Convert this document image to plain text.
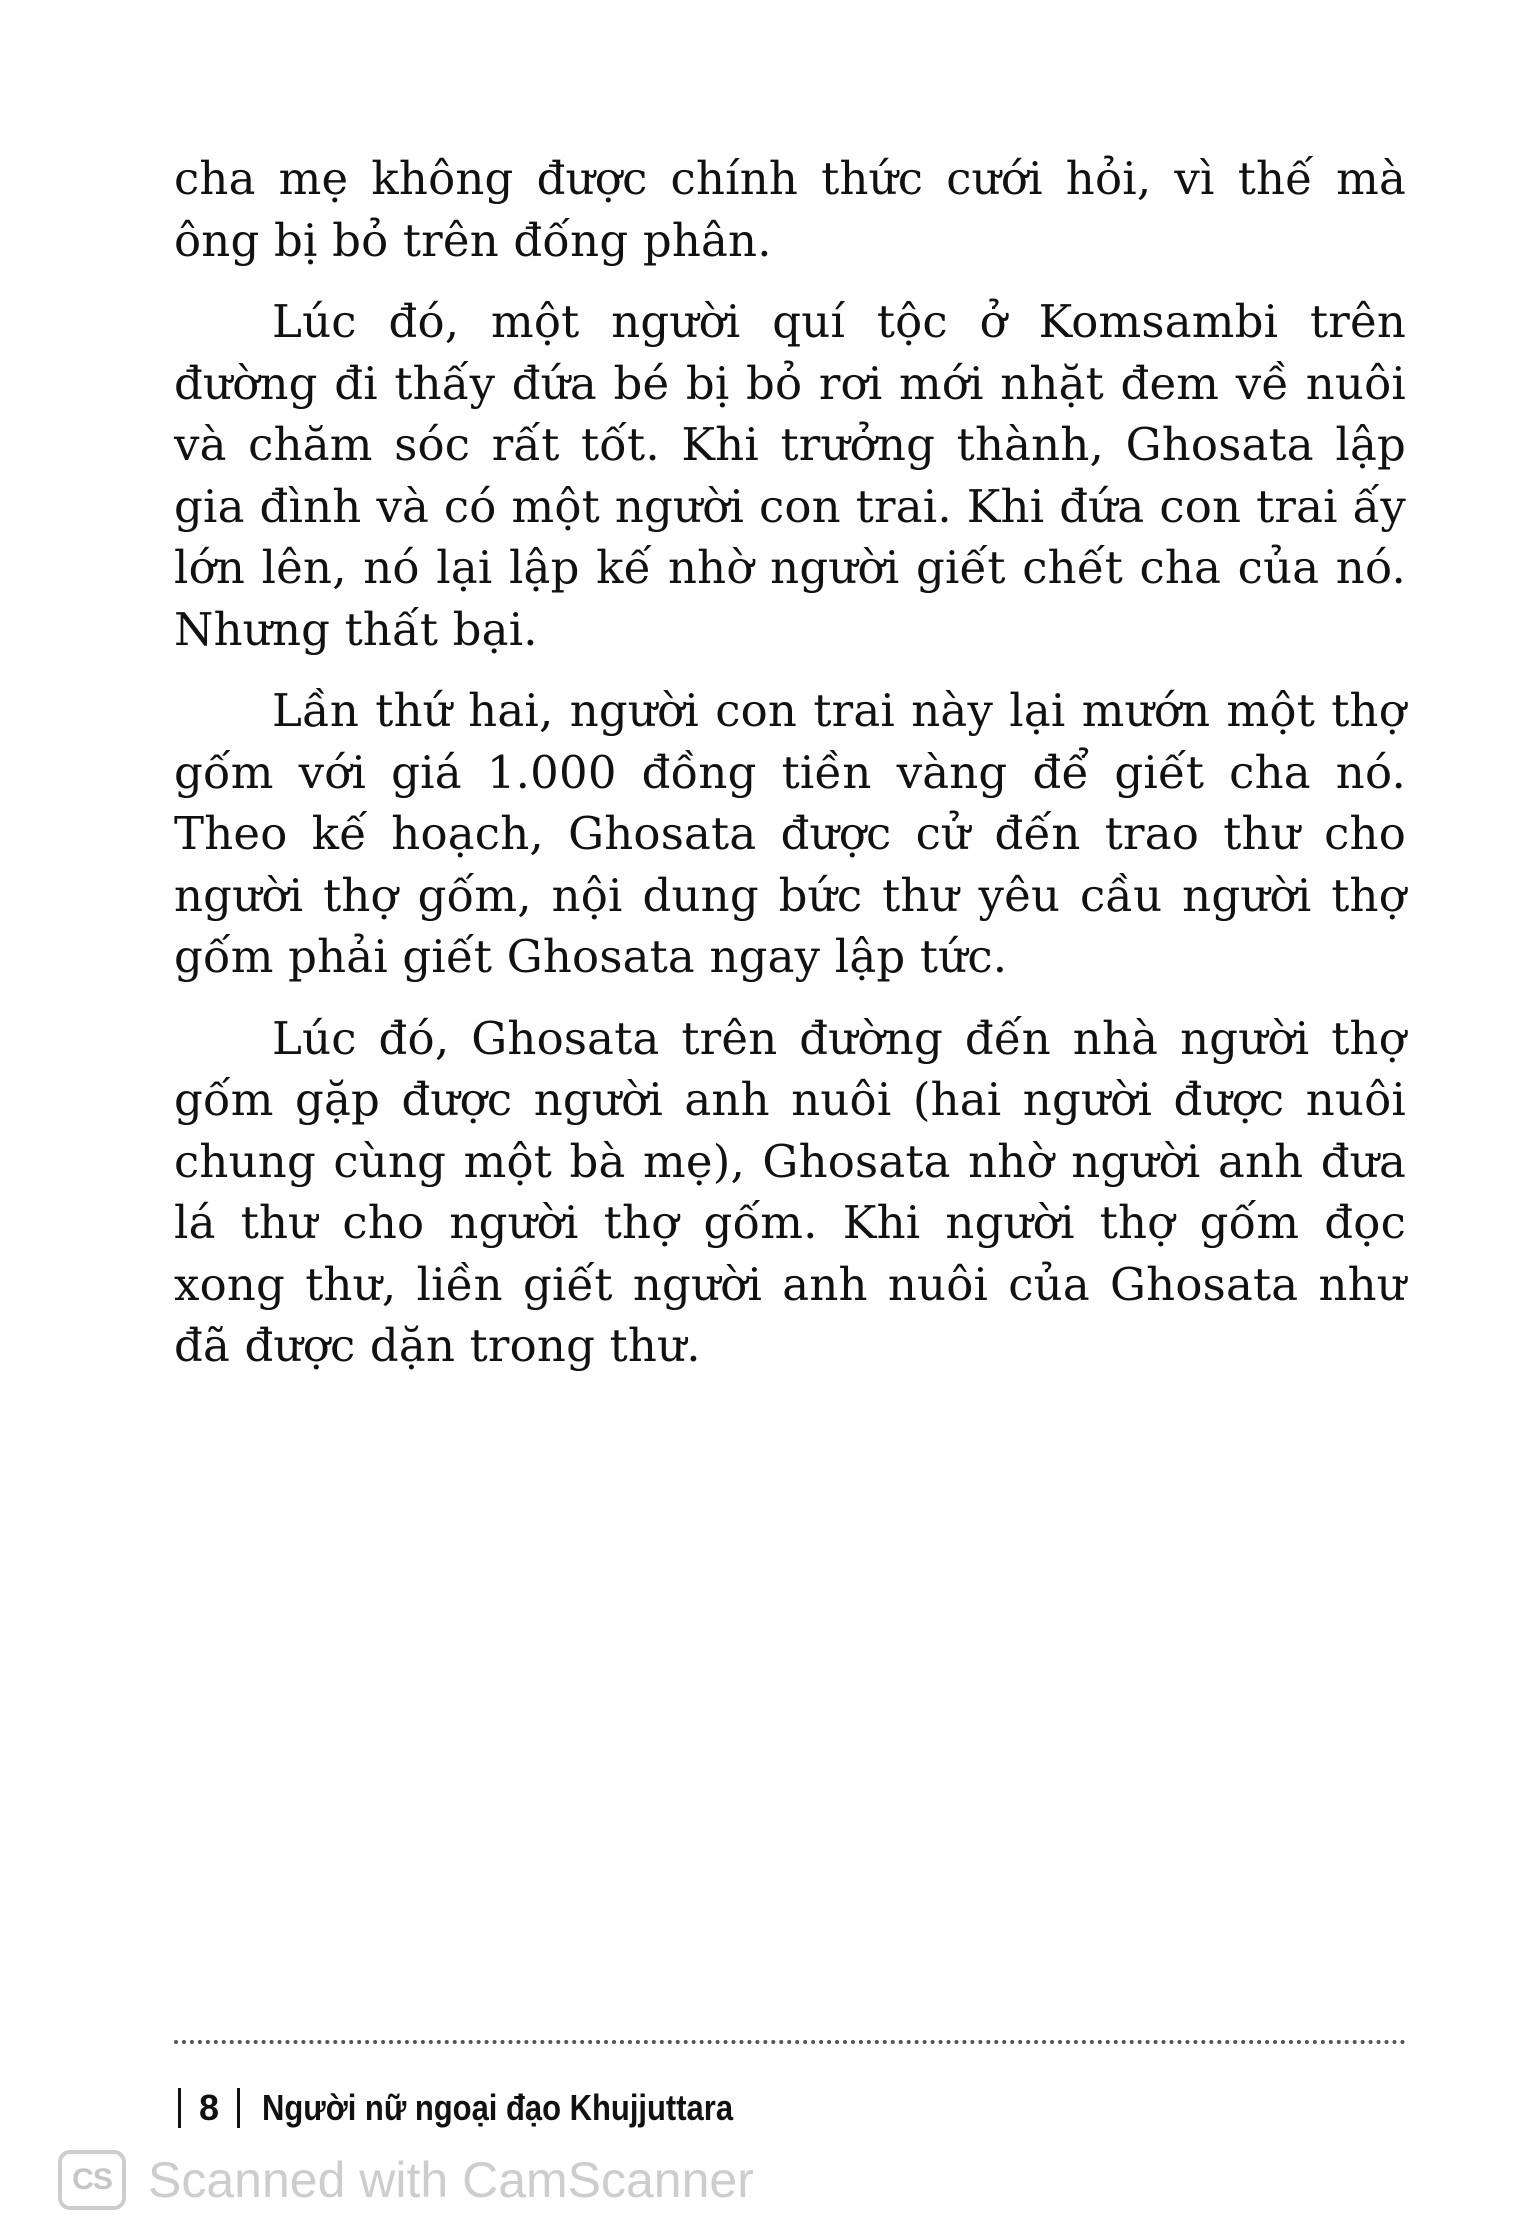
cha mẹ không được chính thức cưới hỏi, vì thế mà ông bị bỏ trên đống phân.

Lúc đó, một người quí tộc ở Komsambi trên đường đi thấy đứa bé bị bỏ rơi mới nhặt đem về nuôi và chăm sóc rất tốt. Khi trưởng thành, Ghosata lập gia đình và có một người con trai. Khi đứa con trai ấy lớn lên, nó lại lập kế nhờ người giết chết cha của nó. Nhưng thất bại.

Lần thứ hai, người con trai này lại mướn một thợ gốm với giá 1.000 đồng tiền vàng để giết cha nó. Theo kế hoạch, Ghosata được cử đến trao thư cho người thợ gốm, nội dung bức thư yêu cầu người thợ gốm phải giết Ghosata ngay lập tức.

Lúc đó, Ghosata trên đường đến nhà người thợ gốm gặp được người anh nuôi (hai người được nuôi chung cùng một bà mẹ), Ghosata nhờ người anh đưa lá thư cho người thợ gốm. Khi người thợ gốm đọc xong thư, liền giết người anh nuôi của Ghosata như đã được dặn trong thư.

8 Người nữ ngoại đạo Khujjuttara
CS Scanned with CamScanner
